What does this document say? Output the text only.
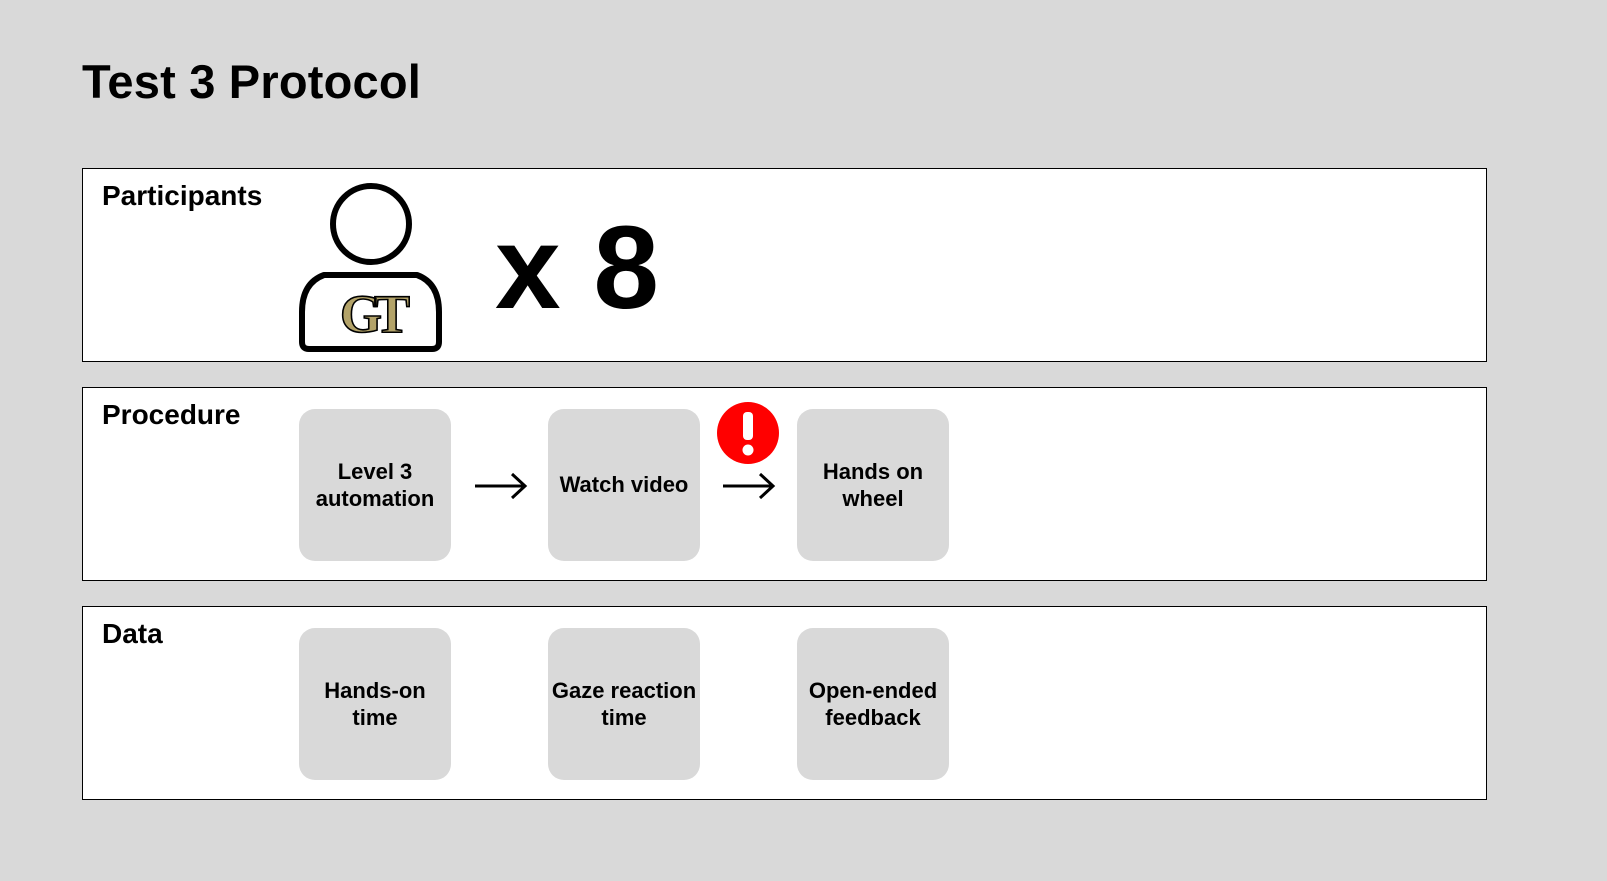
Test 3 Protocol
Participants
GT x 8
Procedure
Level 3 automation
Watch video
Hands on wheel
Data
Hands-on time
Gaze reaction time
Open-ended feedback
